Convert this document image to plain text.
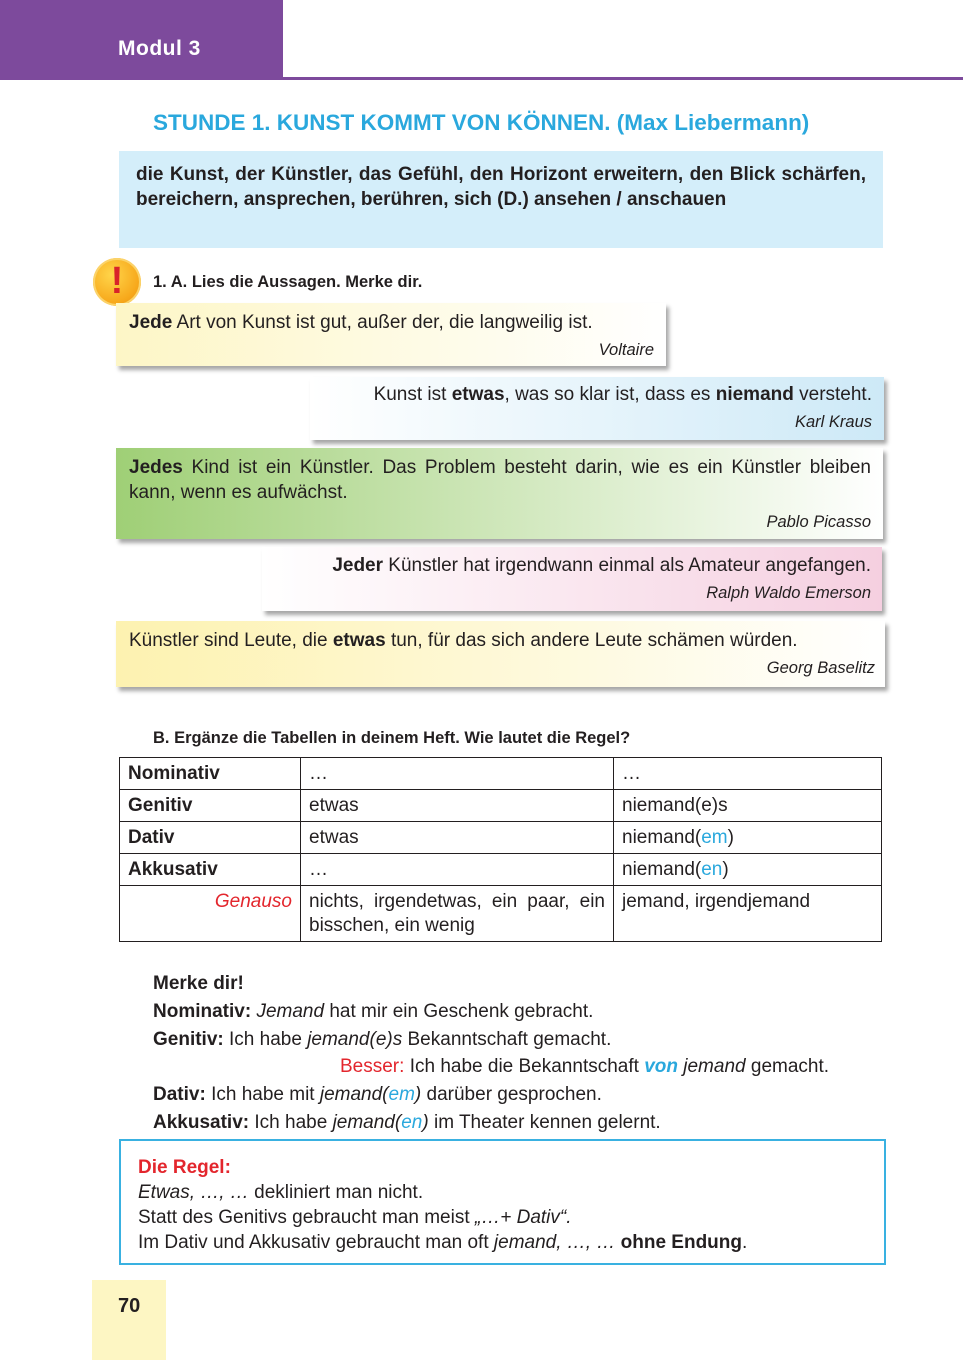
Modul 3
STUNDE 1. KUNST KOMMT VON KÖNNEN. (Max Liebermann)
die Kunst, der Künstler, das Gefühl, den Horizont erweitern, den Blick schärfen, bereichern, ansprechen, berühren, sich (D.) ansehen / anschauen
!	1. A. Lies die Aussagen. Merke dir.
Jede Art von Kunst ist gut, außer der, die langweilig ist.
Voltaire
Kunst ist etwas, was so klar ist, dass es niemand versteht.
Karl Kraus
Jedes Kind ist ein Künstler. Das Problem besteht darin, wie es ein Künstler bleiben kann, wenn es aufwächst.
Pablo Picasso
Jeder Künstler hat irgendwann einmal als Amateur angefangen.
Ralph Waldo Emerson
Künstler sind Leute, die etwas tun, für das sich andere Leute schämen würden.
Georg Baselitz
B. Ergänze die Tabellen in deinem Heft. Wie lautet die Regel?
Nominativ	…	…
Genitiv	etwas	niemand(e)s
Dativ	etwas	niemand(em)
Akkusativ	…	niemand(en)
Genauso	nichts, irgendetwas, ein paar, ein bisschen, ein wenig	jemand, irgendjemand
Merke dir!
Nominativ: Jemand hat mir ein Geschenk gebracht.
Genitiv: Ich habe jemand(e)s Bekanntschaft gemacht.
Besser: Ich habe die Bekanntschaft von jemand gemacht.
Dativ: Ich habe mit jemand(em) darüber gesprochen.
Akkusativ: Ich habe jemand(en) im Theater kennen gelernt.
Die Regel:
Etwas, …, … dekliniert man nicht.
Statt des Genitivs gebraucht man meist „…+ Dativ“.
Im Dativ und Akkusativ gebraucht man oft jemand, …, … ohne Endung.
70
